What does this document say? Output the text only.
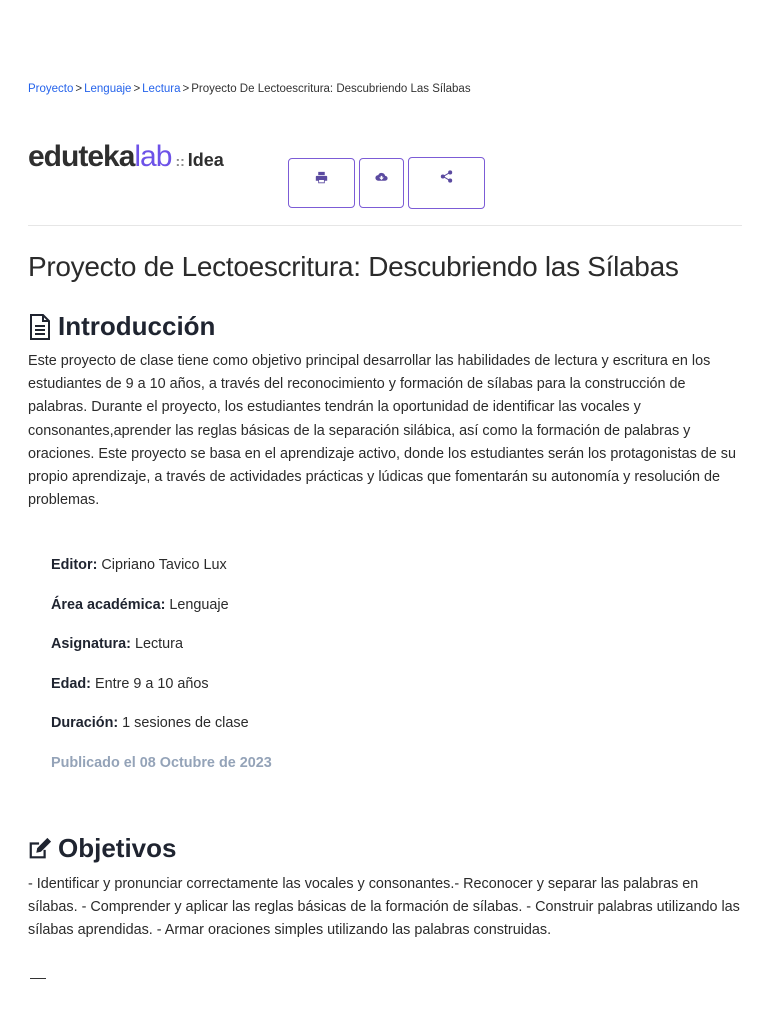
Proyecto > Lenguaje > Lectura > Proyecto De Lectoescritura: Descubriendo Las Sílabas
eduteka lab :: Idea
Proyecto de Lectoescritura: Descubriendo las Sílabas
Introducción

Este proyecto de clase tiene como objetivo principal desarrollar las habilidades de lectura y escritura en los estudiantes de 9 a 10 años, a través del reconocimiento y formación de sílabas para la construcción de palabras. Durante el proyecto, los estudiantes tendrán la oportunidad de identificar las vocales y consonantes,aprender las reglas básicas de la separación silábica, así como la formación de palabras y oraciones. Este proyecto se basa en el aprendizaje activo, donde los estudiantes serán los protagonistas de su propio aprendizaje, a través de actividades prácticas y lúdicas que fomentarán su autonomía y resolución de problemas.

Editor: Cipriano Tavico Lux
Área académica: Lenguaje
Asignatura: Lectura
Edad: Entre 9 a 10 años
Duración: 1 sesiones de clase
Publicado el 08 Octubre de 2023
Objetivos

- Identificar y pronunciar correctamente las vocales y consonantes.- Reconocer y separar las palabras en sílabas. - Comprender y aplicar las reglas básicas de la formación de sílabas. - Construir palabras utilizando las sílabas aprendidas. - Armar oraciones simples utilizando las palabras construidas.
